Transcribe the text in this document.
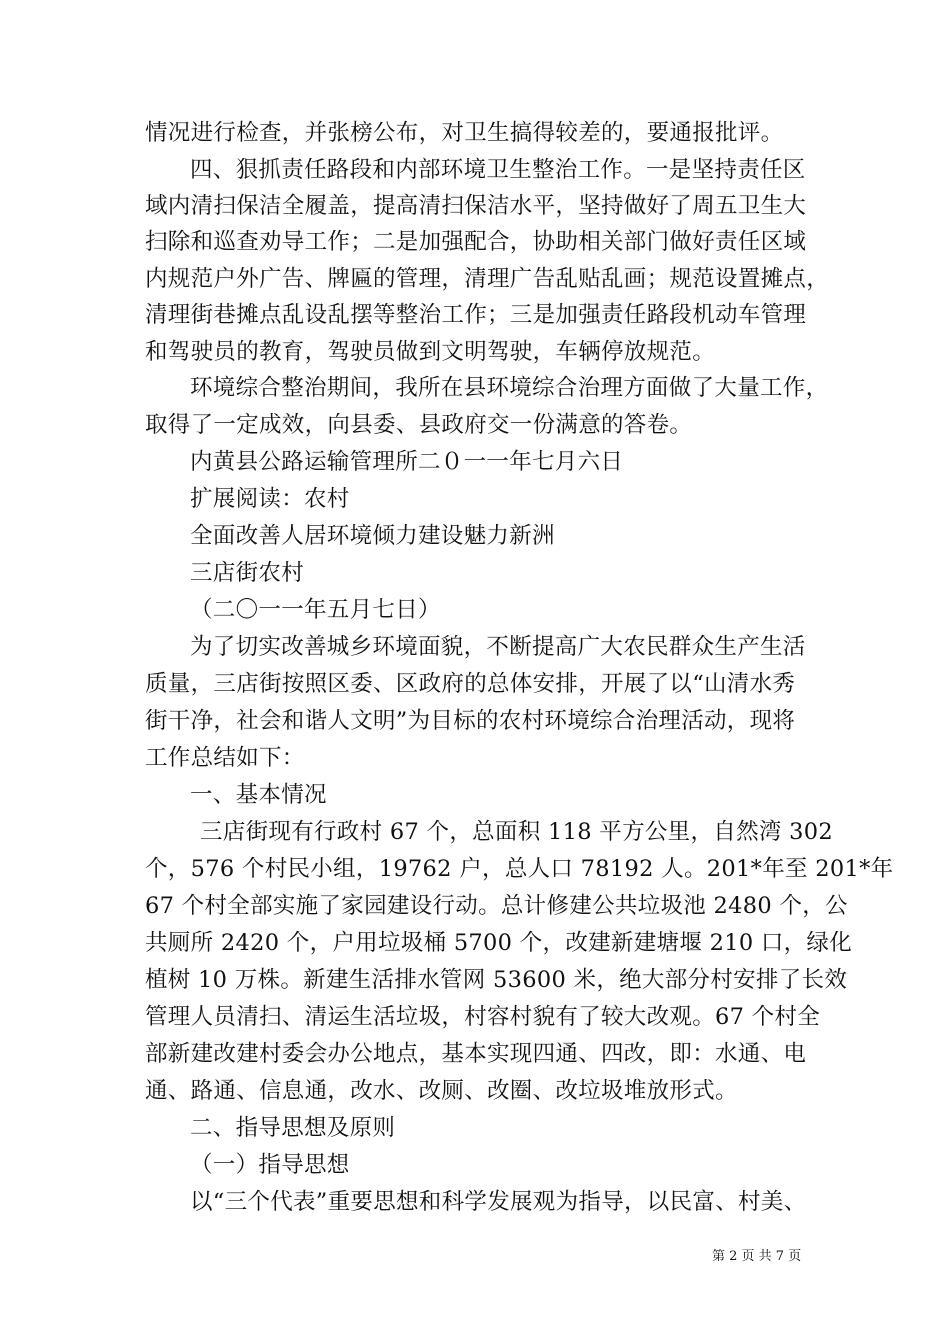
情况进行检查，并张榜公布，对卫生搞得较差的，要通报批评。
四、狠抓责任路段和内部环境卫生整治工作。一是坚持责任区
域内清扫保洁全履盖，提高清扫保洁水平，坚持做好了周五卫生大
扫除和巡查劝导工作；二是加强配合，协助相关部门做好责任区域
内规范户外广告、牌匾的管理，清理广告乱贴乱画；规范设置摊点，
清理街巷摊点乱设乱摆等整治工作；三是加强责任路段机动车管理
和驾驶员的教育，驾驶员做到文明驾驶，车辆停放规范。
环境综合整治期间，我所在县环境综合治理方面做了大量工作，
取得了一定成效，向县委、县政府交一份满意的答卷。
内黄县公路运输管理所二０一一年七月六日
扩展阅读：农村
全面改善人居环境倾力建设魅力新洲
三店街农村
（二〇一一年五月七日）
为了切实改善城乡环境面貌，不断提高广大农民群众生产生活
质量，三店街按照区委、区政府的总体安排，开展了以“山清水秀
街干净，社会和谐人文明”为目标的农村环境综合治理活动，现将
工作总结如下：
一、基本情况
三店街现有行政村 67 个，总面积 118 平方公里，自然湾 302
个，576 个村民小组，19762 户，总人口 78192 人。201*年至 201*年
67 个村全部实施了家园建设行动。总计修建公共垃圾池 2480 个，公
共厕所 2420 个，户用垃圾桶 5700 个，改建新建塘堰 210 口，绿化
植树 10 万株。新建生活排水管网 53600 米，绝大部分村安排了长效
管理人员清扫、清运生活垃圾，村容村貌有了较大改观。67 个村全
部新建改建村委会办公地点，基本实现四通、四改，即：水通、电
通、路通、信息通，改水、改厕、改圈、改垃圾堆放形式。
二、指导思想及原则
（一）指导思想
以“三个代表”重要思想和科学发展观为指导，以民富、村美、
第 2 页 共 7 页
